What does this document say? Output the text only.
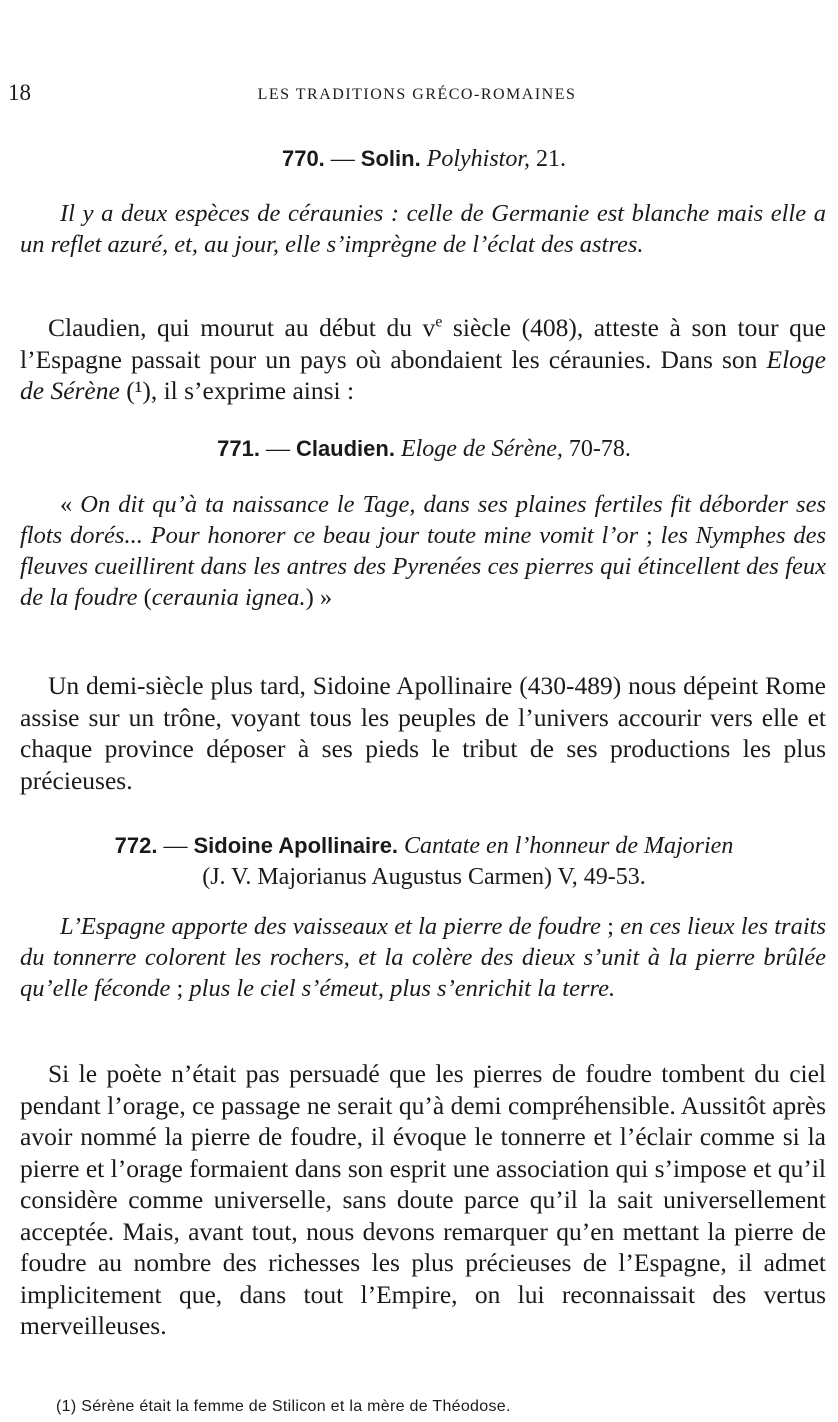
18	LES TRADITIONS GRÉCO-ROMAINES
770. — Solin. Polyhistor, 21.

Il y a deux espèces de céraunies : celle de Germanie est blanche mais elle a un reflet azuré, et, au jour, elle s’imprègne de l’éclat des astres.

Claudien, qui mourut au début du $v^e$ siècle (408), atteste à son tour que l’Espagne passait pour un pays où abondaient les céraunies. Dans son Eloge de Sérène (¹), il s’exprime ainsi :

771. — Claudien. Eloge de Sérène, 70-78.

« On dit qu’à ta naissance le Tage, dans ses plaines fertiles fit déborder ses flots dorés... Pour honorer ce beau jour toute mine vomit l’or ; les Nymphes des fleuves cueillirent dans les antres des Pyrenées ces pierres qui étincellent des feux de la foudre (ceraunia ignea.) »

Un demi-siècle plus tard, Sidoine Apollinaire (430-489) nous dépeint Rome assise sur un trône, voyant tous les peuples de l’univers accourir vers elle et chaque province déposer à ses pieds le tribut de ses productions les plus précieuses.

772. — Sidoine Apollinaire. Cantate en l’honneur de Majorien
(J. V. Majorianus Augustus Carmen) V, 49-53.

L’Espagne apporte des vaisseaux et la pierre de foudre ; en ces lieux les traits du tonnerre colorent les rochers, et la colère des dieux s’unit à la pierre brûlée qu’elle féconde ; plus le ciel s’émeut, plus s’enrichit la terre.

Si le poète n’était pas persuadé que les pierres de foudre tombent du ciel pendant l’orage, ce passage ne serait qu’à demi compréhensible. Aussitôt après avoir nommé la pierre de foudre, il évoque le tonnerre et l’éclair comme si la pierre et l’orage formaient dans son esprit une association qui s’impose et qu’il considère comme universelle, sans doute parce qu’il la sait universellement acceptée. Mais, avant tout, nous devons remarquer qu’en mettant la pierre de foudre au nombre des richesses les plus précieuses de l’Espagne, il admet implicitement que, dans tout l’Empire, on lui reconnaissait des vertus merveilleuses.

(1) Sérène était la femme de Stilicon et la mère de Théodose.
